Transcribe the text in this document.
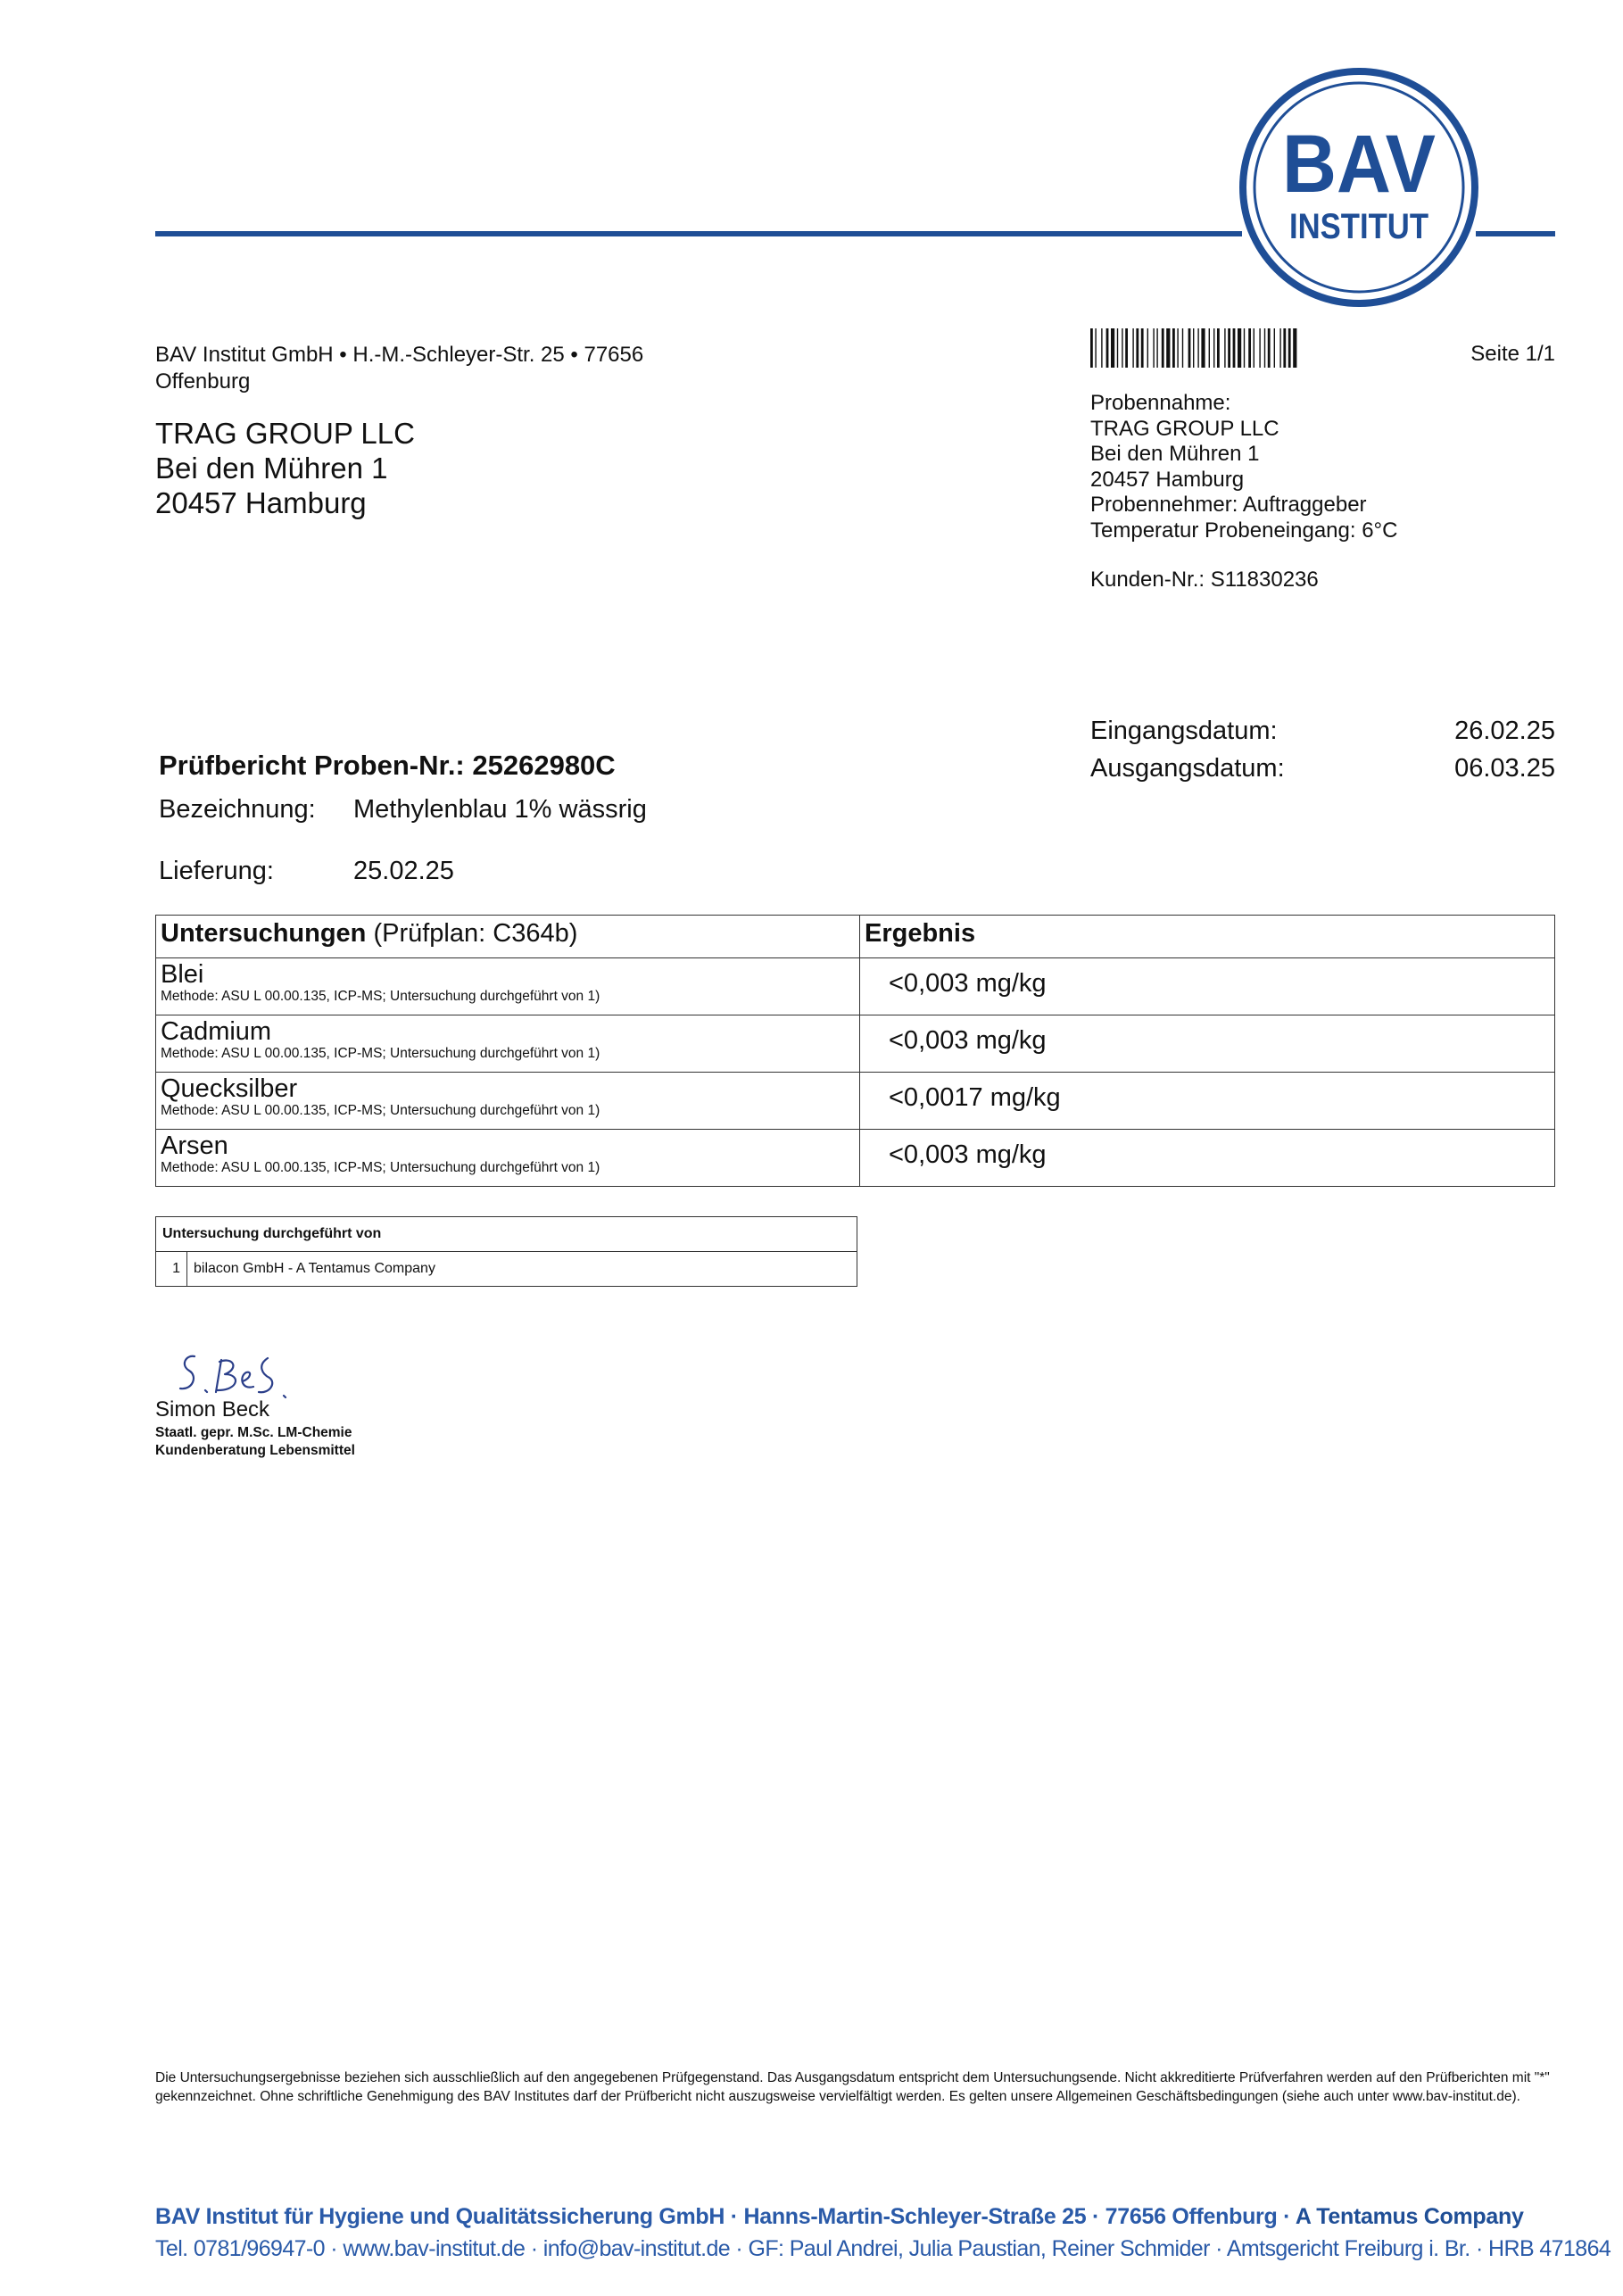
BAV
INSTITUT
BAV Institut GmbH • H.-M.-Schleyer-Str. 25 • 77656
Offenburg
TRAG GROUP LLC
Bei den Mühren 1
20457 Hamburg
Seite 1/1
Probennahme:
TRAG GROUP LLC
Bei den Mühren 1
20457 Hamburg
Probennehmer: Auftraggeber
Temperatur Probeneingang: 6°C
Kunden-Nr.: S11830236
Eingangsdatum:	26.02.25
Ausgangsdatum:	06.03.25
Prüfbericht Proben-Nr.: 25262980C
Bezeichnung: Methylenblau 1% wässrig
Lieferung:	25.02.25
Untersuchungen (Prüfplan: C364b)	Ergebnis

Blei
Methode: ASU L 00.00.135, ICP-MS; Untersuchung durchgeführt von 1)	<0,003 mg/kg

Cadmium
Methode: ASU L 00.00.135, ICP-MS; Untersuchung durchgeführt von 1)	<0,003 mg/kg

Quecksilber
Methode: ASU L 00.00.135, ICP-MS; Untersuchung durchgeführt von 1)	<0,0017 mg/kg

Arsen
Methode: ASU L 00.00.135, ICP-MS; Untersuchung durchgeführt von 1)	<0,003 mg/kg
Untersuchung durchgeführt von
1	bilacon GmbH - A Tentamus Company
Simon Beck
Staatl. gepr. M.Sc. LM-Chemie
Kundenberatung Lebensmittel
Die Untersuchungsergebnisse beziehen sich ausschließlich auf den angegebenen Prüfgegenstand. Das Ausgangsdatum entspricht dem Untersuchungsende. Nicht akkreditierte Prüfverfahren werden auf den Prüfberichten mit "*" gekennzeichnet. Ohne schriftliche Genehmigung des BAV Institutes darf der Prüfbericht nicht auszugsweise vervielfältigt werden. Es gelten unsere Allgemeinen Geschäftsbedingungen (siehe auch unter www.bav-institut.de).
BAV Institut für Hygiene und Qualitätssicherung GmbH · Hanns-Martin-Schleyer-Straße 25 · 77656 Offenburg · A Tentamus Company
Tel. 0781/96947-0 · www.bav-institut.de · info@bav-institut.de · GF: Paul Andrei, Julia Paustian, Reiner Schmider · Amtsgericht Freiburg i. Br. · HRB 471864
